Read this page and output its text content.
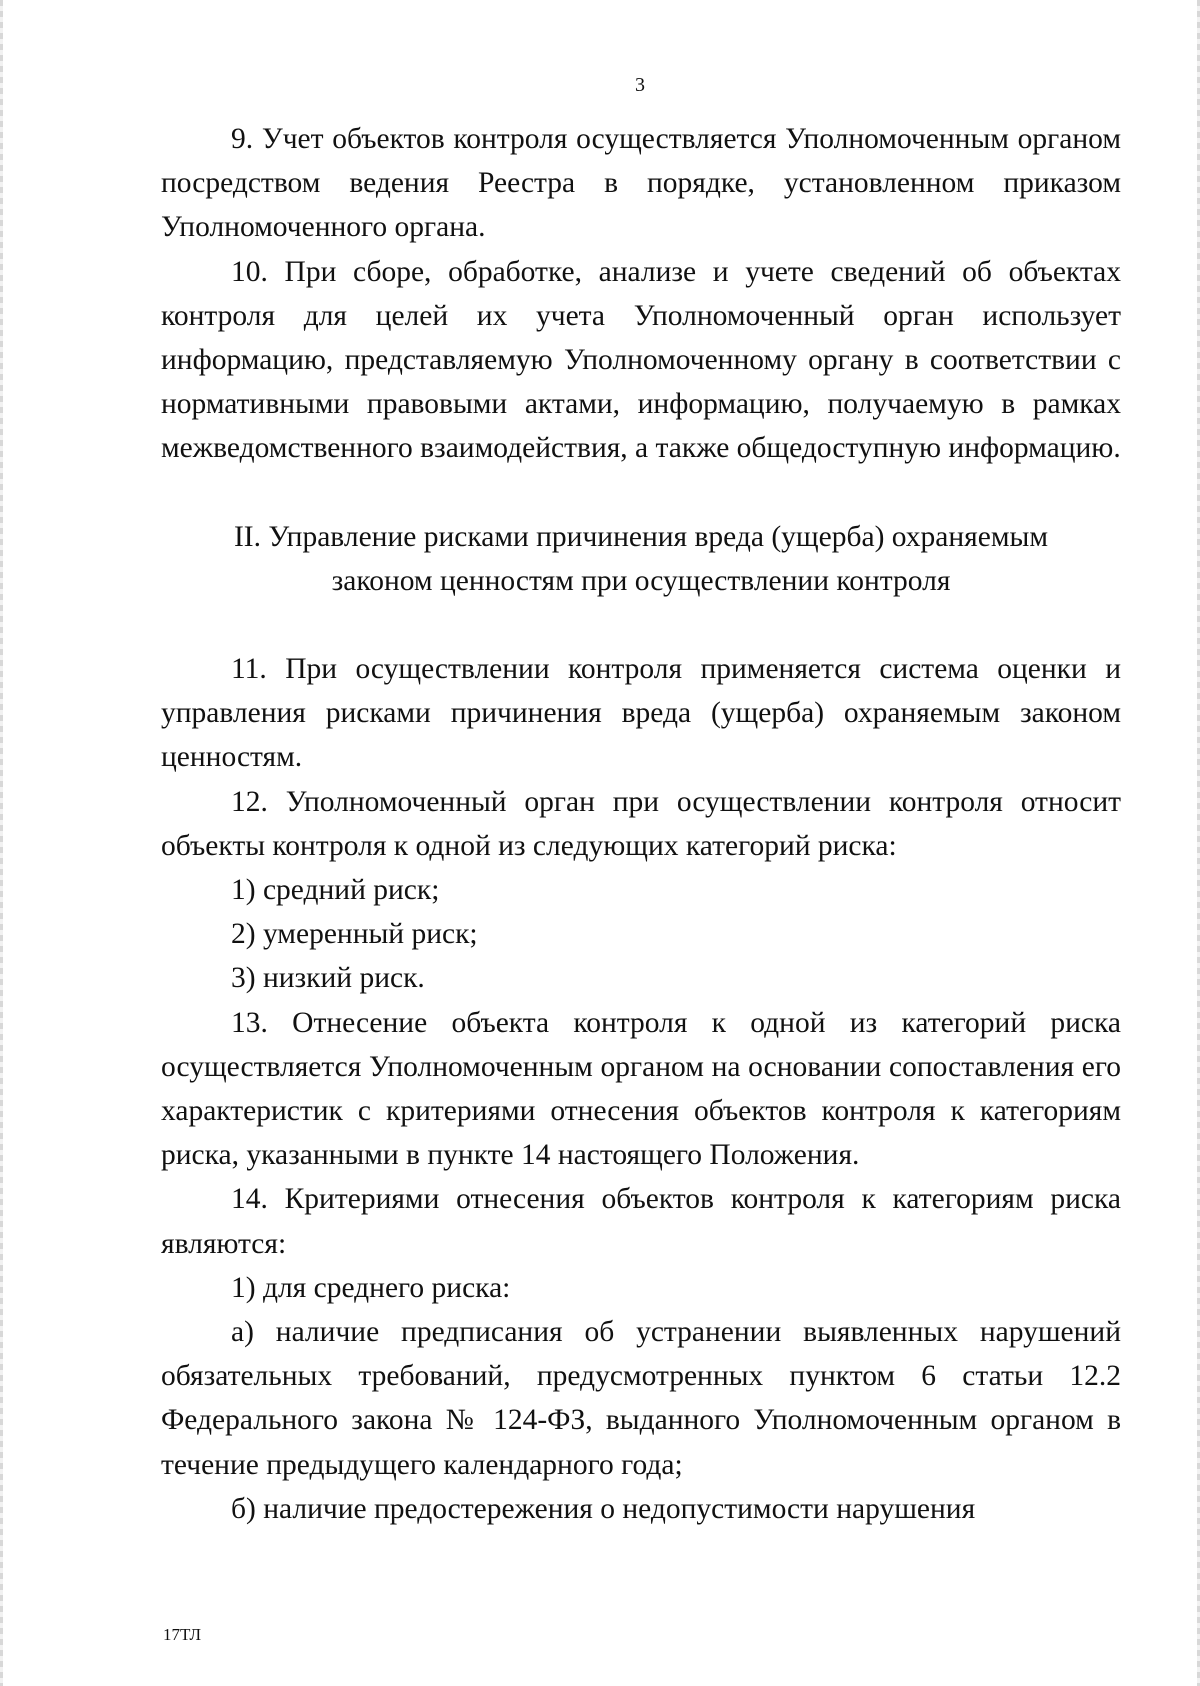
3

9. Учет объектов контроля осуществляется Уполномоченным органом посредством ведения Реестра в порядке, установленном приказом Уполномоченного органа.

10. При сборе, обработке, анализе и учете сведений об объектах контроля для целей их учета Уполномоченный орган использует информацию, представляемую Уполномоченному органу в соответствии с нормативными правовыми актами, информацию, получаемую в рамках межведомственного взаимодействия, а также общедоступную информацию.

II. Управление рисками причинения вреда (ущерба) охраняемым
законом ценностям при осуществлении контроля

11. При осуществлении контроля применяется система оценки и управления рисками причинения вреда (ущерба) охраняемым законом ценностям.

12. Уполномоченный орган при осуществлении контроля относит объекты контроля к одной из следующих категорий риска:

1) средний риск;

2) умеренный риск;

3) низкий риск.

13. Отнесение объекта контроля к одной из категорий риска осуществляется Уполномоченным органом на основании сопоставления его характеристик с критериями отнесения объектов контроля к категориям риска, указанными в пункте 14 настоящего Положения.

14. Критериями отнесения объектов контроля к категориям риска являются:

1) для среднего риска:

а) наличие предписания об устранении выявленных нарушений обязательных требований, предусмотренных пунктом 6 статьи 12.2 Федерального закона № 124-ФЗ, выданного Уполномоченным органом в течение предыдущего календарного года;

б) наличие предостережения о недопустимости нарушения

17ТЛ
